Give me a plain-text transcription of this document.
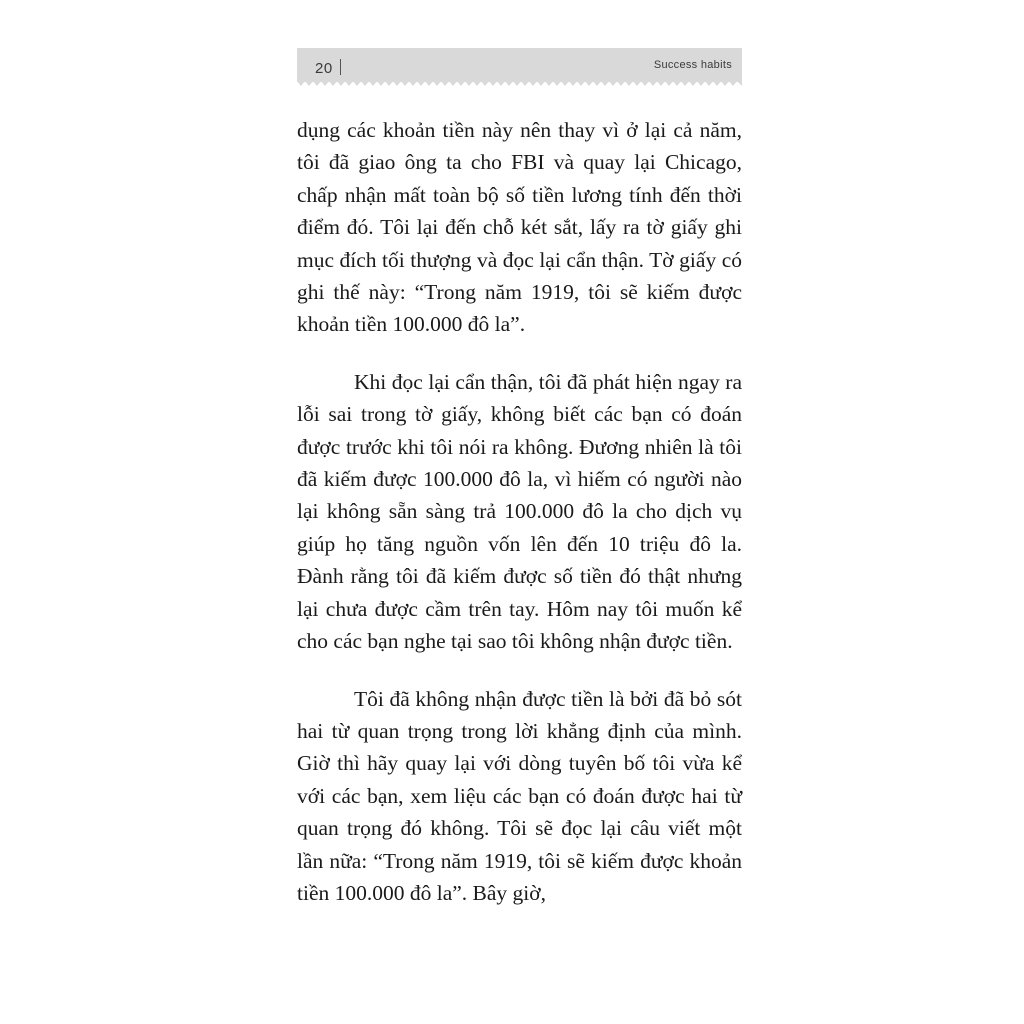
20	Success habits

dụng các khoản tiền này nên thay vì ở lại cả năm, tôi đã giao ông ta cho FBI và quay lại Chicago, chấp nhận mất toàn bộ số tiền lương tính đến thời điểm đó. Tôi lại đến chỗ két sắt, lấy ra tờ giấy ghi mục đích tối thượng và đọc lại cẩn thận. Tờ giấy có ghi thế này: “Trong năm 1919, tôi sẽ kiếm được khoản tiền 100.000 đô la”.

Khi đọc lại cẩn thận, tôi đã phát hiện ngay ra lỗi sai trong tờ giấy, không biết các bạn có đoán được trước khi tôi nói ra không. Đương nhiên là tôi đã kiếm được 100.000 đô la, vì hiếm có người nào lại không sẵn sàng trả 100.000 đô la cho dịch vụ giúp họ tăng nguồn vốn lên đến 10 triệu đô la. Đành rằng tôi đã kiếm được số tiền đó thật nhưng lại chưa được cầm trên tay. Hôm nay tôi muốn kể cho các bạn nghe tại sao tôi không nhận được tiền.

Tôi đã không nhận được tiền là bởi đã bỏ sót hai từ quan trọng trong lời khẳng định của mình. Giờ thì hãy quay lại với dòng tuyên bố tôi vừa kể với các bạn, xem liệu các bạn có đoán được hai từ quan trọng đó không. Tôi sẽ đọc lại câu viết một lần nữa: “Trong năm 1919, tôi sẽ kiếm được khoản tiền 100.000 đô la”. Bây giờ,
